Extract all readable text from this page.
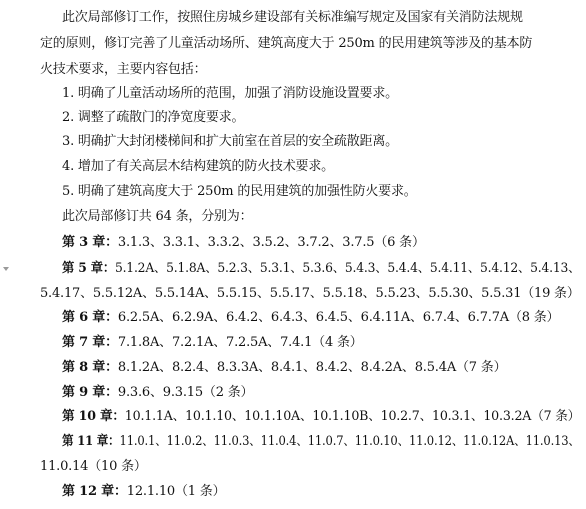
此次局部修订工作，按照住房城乡建设部有关标准编写规定及国家有关消防法规规
定的原则，修订完善了儿童活动场所、建筑高度大于 250m 的民用建筑等涉及的基本防
火技术要求，主要内容包括：
1. 明确了儿童活动场所的范围，加强了消防设施设置要求。
2. 调整了疏散门的净宽度要求。
3. 明确扩大封闭楼梯间和扩大前室在首层的安全疏散距离。
4. 增加了有关高层木结构建筑的防火技术要求。
5. 明确了建筑高度大于 250m 的民用建筑的加强性防火要求。
此次局部修订共 64 条，分别为：
第 3 章：3.1.3、3.3.1、3.3.2、3.5.2、3.7.2、3.7.5（6 条）
第 5 章：5.1.2A、5.1.8A、5.2.3、5.3.1、5.3.6、5.4.3、5.4.4、5.4.11、5.4.12、5.4.13、
5.4.17、5.5.12A、5.5.14A、5.5.15、5.5.17、5.5.18、5.5.23、5.5.30、5.5.31（19 条）
第 6 章：6.2.5A、6.2.9A、6.4.2、6.4.3、6.4.5、6.4.11A、6.7.4、6.7.7A（8 条）
第 7 章：7.1.8A、7.2.1A、7.2.5A、7.4.1（4 条）
第 8 章：8.1.2A、8.2.4、8.3.3A、8.4.1、8.4.2、8.4.2A、8.5.4A（7 条）
第 9 章：9.3.6、9.3.15（2 条）
第 10 章：10.1.1A、10.1.10、10.1.10A、10.1.10B、10.2.7、10.3.1、10.3.2A（7 条）
第 11 章：11.0.1、11.0.2、11.0.3、11.0.4、11.0.7、11.0.10、11.0.12、11.0.12A、11.0.13、
11.0.14（10 条）
第 12 章：12.1.10（1 条）
